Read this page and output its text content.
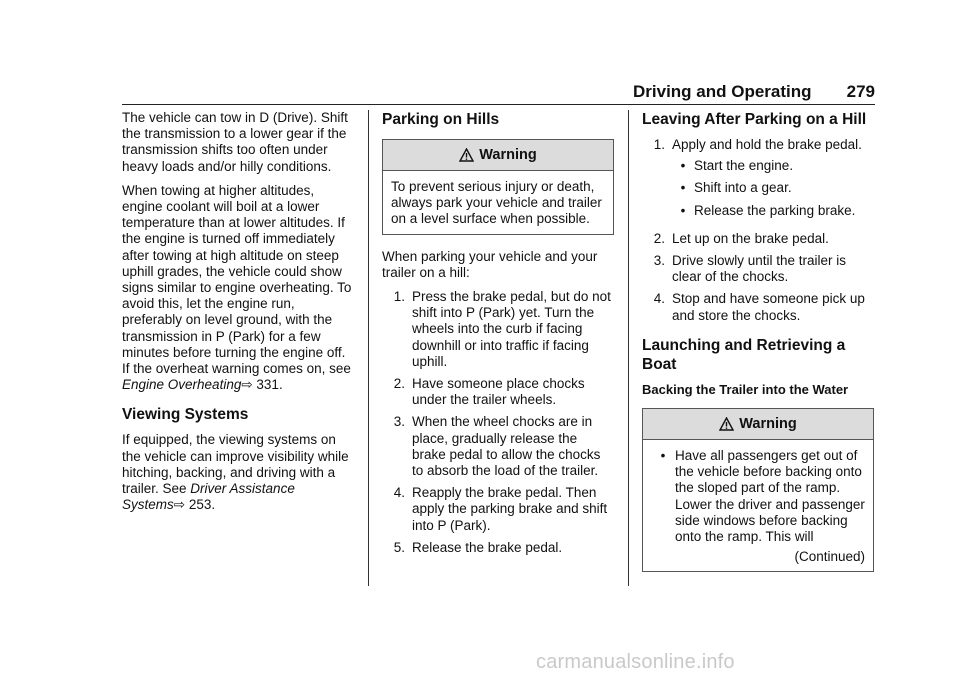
Driving and Operating 279

The vehicle can tow in D (Drive). Shift the transmission to a lower gear if the transmission shifts too often under heavy loads and/or hilly conditions.

When towing at higher altitudes, engine coolant will boil at a lower temperature than at lower altitudes. If the engine is turned off immediately after towing at high altitude on steep uphill grades, the vehicle could show signs similar to engine overheating. To avoid this, let the engine run, preferably on level ground, with the transmission in P (Park) for a few minutes before turning the engine off. If the overheat warning comes on, see Engine Overheating⇨ 331.

Viewing Systems

If equipped, the viewing systems on the vehicle can improve visibility while hitching, backing, and driving with a trailer. See Driver Assistance Systems⇨ 253.

Parking on Hills
Warning
To prevent serious injury or death, always park your vehicle and trailer on a level surface when possible.

When parking your vehicle and your trailer on a hill:

1. Press the brake pedal, but do not shift into P (Park) yet. Turn the wheels into the curb if facing downhill or into traffic if facing uphill.
2. Have someone place chocks under the trailer wheels.
3. When the wheel chocks are in place, gradually release the brake pedal to allow the chocks to absorb the load of the trailer.
4. Reapply the brake pedal. Then apply the parking brake and shift into P (Park).
5. Release the brake pedal.
Leaving After Parking on a Hill
1. Apply and hold the brake pedal.
• Start the engine.
• Shift into a gear.
• Release the parking brake.
2. Let up on the brake pedal.
3. Drive slowly until the trailer is clear of the chocks.
4. Stop and have someone pick up and store the chocks.
Launching and Retrieving a Boat
Backing the Trailer into the Water
Warning
• Have all passengers get out of the vehicle before backing onto the sloped part of the ramp. Lower the driver and passenger side windows before backing onto the ramp. This will

(Continued)

carmanualsonline.info
